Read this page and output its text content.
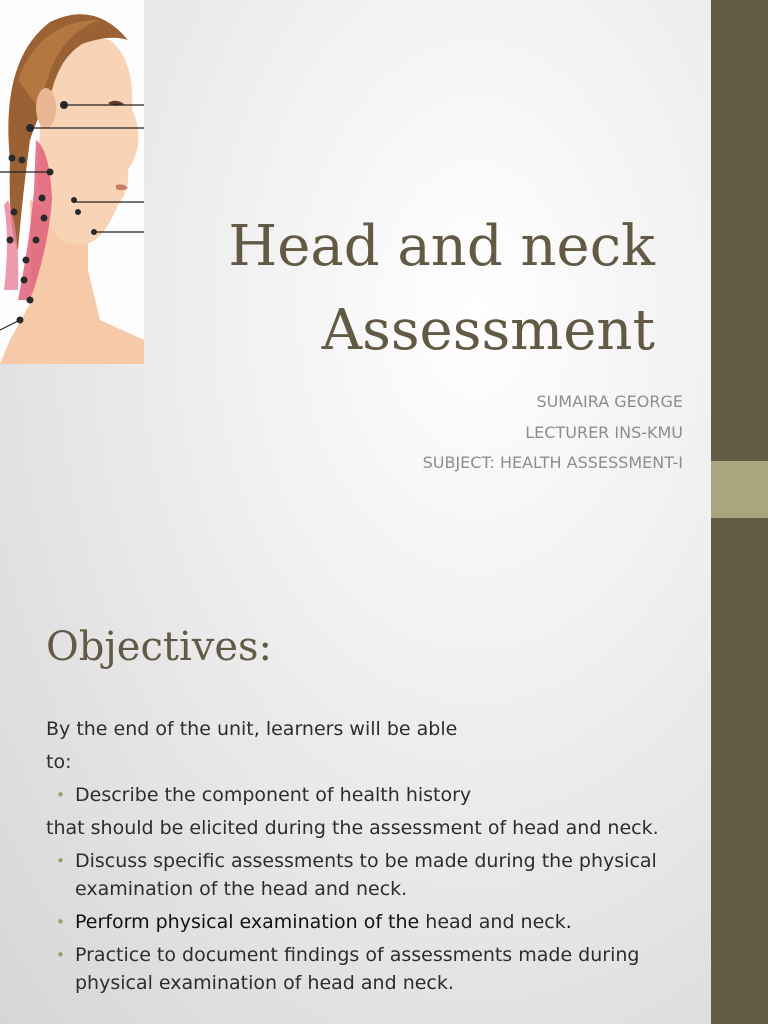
Head and neck
Assessment
SUMAIRA GEORGE
LECTURER INS-KMU
SUBJECT: HEALTH ASSESSMENT-I
Objectives:
By the end of the unit, learners will be able
to:
• Describe the component of health history
that should be elicited during the assessment of head and neck.
• Discuss specific assessments to be made during the physical examination of the head and neck.
• Perform physical examination of the head and neck.
• Practice to document findings of assessments made during physical examination of head and neck.
